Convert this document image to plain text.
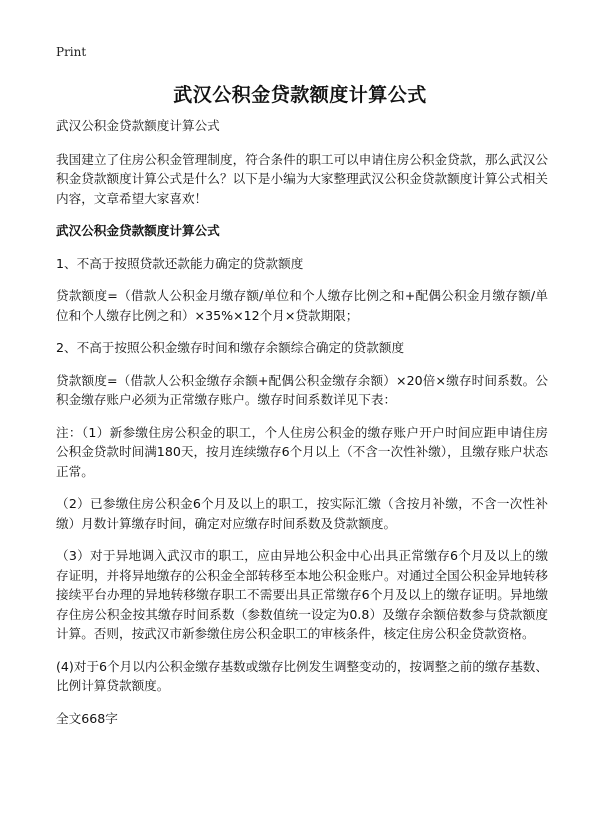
Print
武汉公积金贷款额度计算公式

武汉公积金贷款额度计算公式

我国建立了住房公积金管理制度，符合条件的职工可以申请住房公积金贷款，那么武汉公积金贷款额度计算公式是什么？以下是小编为大家整理武汉公积金贷款额度计算公式相关内容，文章希望大家喜欢！

武汉公积金贷款额度计算公式

1、不高于按照贷款还款能力确定的贷款额度

贷款额度=（借款人公积金月缴存额/单位和个人缴存比例之和+配偶公积金月缴存额/单位和个人缴存比例之和）×35%×12个月×贷款期限；

2、不高于按照公积金缴存时间和缴存余额综合确定的贷款额度

贷款额度=（借款人公积金缴存余额+配偶公积金缴存余额）×20倍×缴存时间系数。公积金缴存账户必须为正常缴存账户。缴存时间系数详见下表：

注：（1）新参缴住房公积金的职工，个人住房公积金的缴存账户开户时间应距申请住房公积金贷款时间满180天，按月连续缴存6个月以上（不含一次性补缴），且缴存账户状态正常。

（2）已参缴住房公积金6个月及以上的职工，按实际汇缴（含按月补缴，不含一次性补缴）月数计算缴存时间，确定对应缴存时间系数及贷款额度。

（3）对于异地调入武汉市的职工，应由异地公积金中心出具正常缴存6个月及以上的缴存证明，并将异地缴存的公积金全部转移至本地公积金账户。对通过全国公积金异地转移接续平台办理的异地转移缴存职工不需要出具正常缴存6个月及以上的缴存证明。异地缴存住房公积金按其缴存时间系数（参数值统一设定为0.8）及缴存余额倍数参与贷款额度计算。否则，按武汉市新参缴住房公积金职工的审核条件，核定住房公积金贷款资格。

(4)对于6个月以内公积金缴存基数或缴存比例发生调整变动的，按调整之前的缴存基数、比例计算贷款额度。

全文668字
